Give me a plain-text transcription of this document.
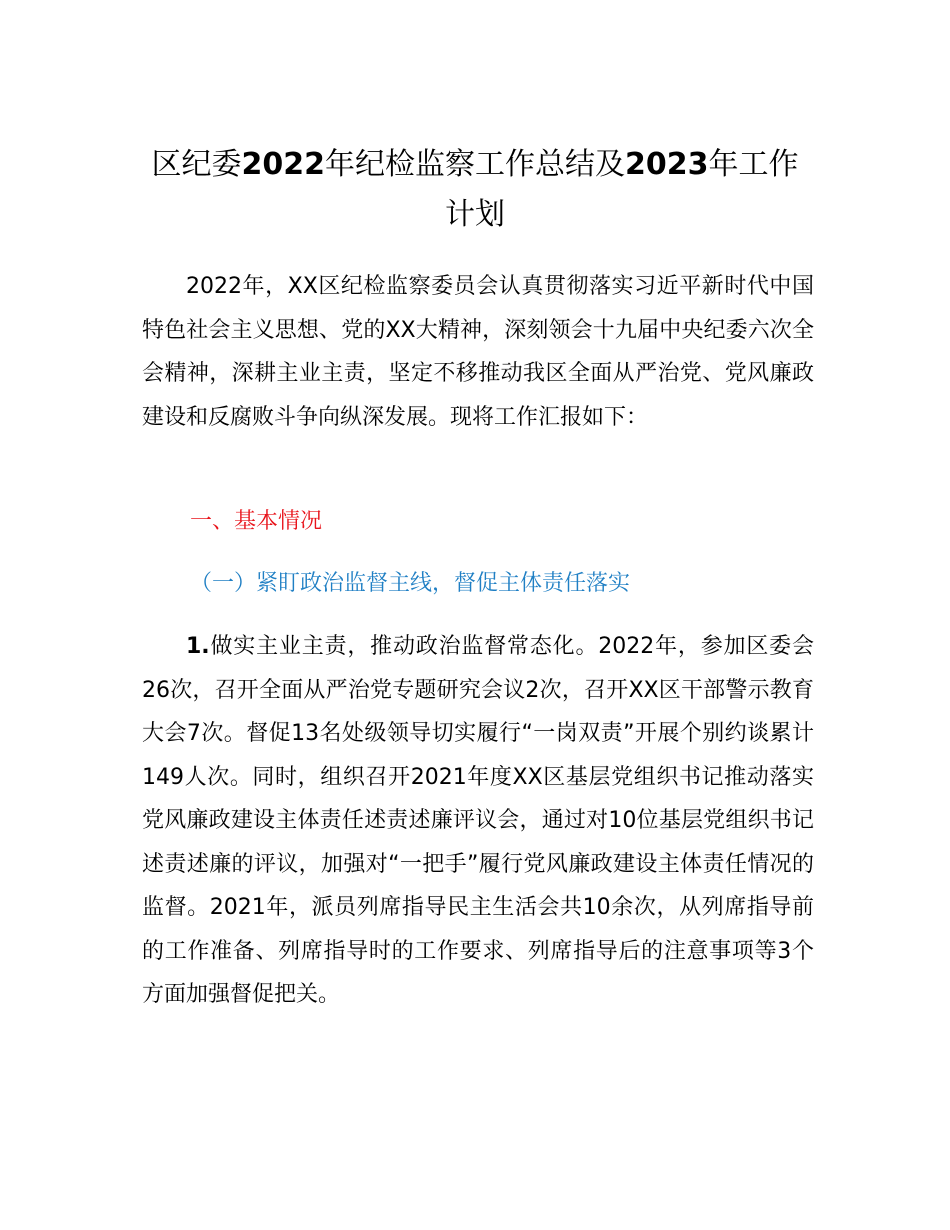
区纪委2022年纪检监察工作总结及2023年工作计划

2022年，XX区纪检监察委员会认真贯彻落实习近平新时代中国特色社会主义思想、党的XX大精神，深刻领会十九届中央纪委六次全会精神，深耕主业主责，坚定不移推动我区全面从严治党、党风廉政建设和反腐败斗争向纵深发展。现将工作汇报如下：

一、基本情况

（一）紧盯政治监督主线，督促主体责任落实

1.做实主业主责，推动政治监督常态化。2022年，参加区委会26次，召开全面从严治党专题研究会议2次，召开XX区干部警示教育大会7次。督促13名处级领导切实履行“一岗双责”开展个别约谈累计149人次。同时，组织召开2021年度XX区基层党组织书记推动落实党风廉政建设主体责任述责述廉评议会，通过对10位基层党组织书记述责述廉的评议，加强对“一把手”履行党风廉政建设主体责任情况的监督。2021年，派员列席指导民主生活会共10余次，从列席指导前的工作准备、列席指导时的工作要求、列席指导后的注意事项等3个方面加强督促把关。
